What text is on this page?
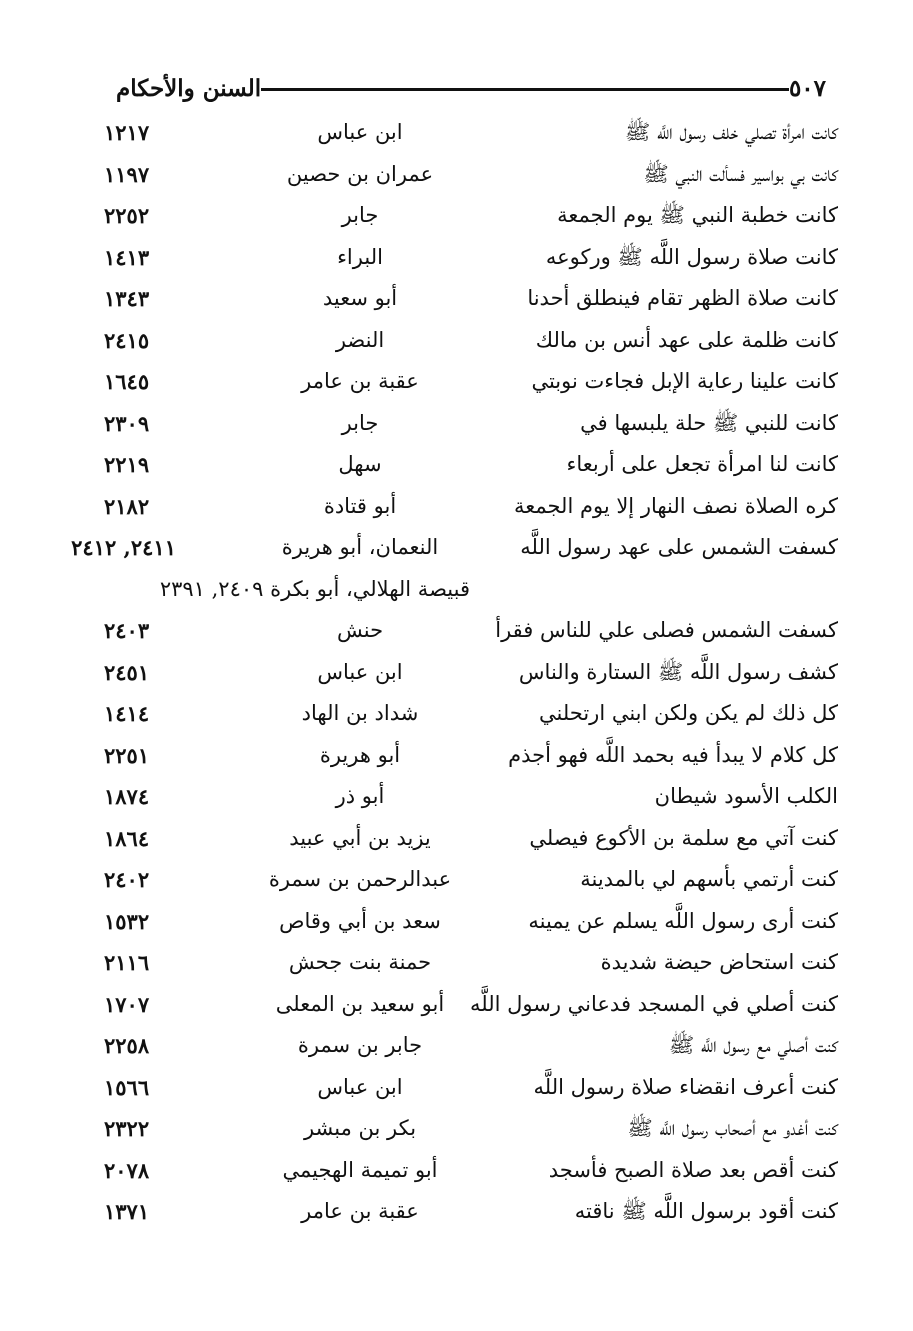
السنن والأحكام	٥٠٧
كانت امرأة تصلي خلف رسول اللَّه ﷺ
ابن عباس
١٢١٧
كانت بي بواسير فسألت النبي ﷺ
عمران بن حصين
١١٩٧
كانت خطبة النبي ﷺ يوم الجمعة
جابر
٢٢٥٢
كانت صلاة رسول اللَّه ﷺ وركوعه
البراء
١٤١٣
كانت صلاة الظهر تقام فينطلق أحدنا
أبو سعيد
١٣٤٣
كانت ظلمة على عهد أنس بن مالك
النضر
٢٤١٥
كانت علينا رعاية الإبل فجاءت نوبتي
عقبة بن عامر
١٦٤٥
كانت للنبي ﷺ حلة يلبسها في
جابر
٢٣٠٩
كانت لنا امرأة تجعل على أربعاء
سهل
٢٢١٩
كره الصلاة نصف النهار إلا يوم الجمعة
أبو قتادة
٢١٨٢
كسفت الشمس على عهد رسول اللَّه
النعمان، أبو هريرة
٢٤١١, ٢٤١٢
قبيصة الهلالي، أبو بكرة ٢٤٠٩, ٢٣٩١
كسفت الشمس فصلى علي للناس فقرأ
حنش
٢٤٠٣
كشف رسول اللَّه ﷺ الستارة والناس
ابن عباس
٢٤٥١
كل ذلك لم يكن ولكن ابني ارتحلني
شداد بن الهاد
١٤١٤
كل كلام لا يبدأ فيه بحمد اللَّه فهو أجذم
أبو هريرة
٢٢٥١
الكلب الأسود شيطان
أبو ذر
١٨٧٤
كنت آتي مع سلمة بن الأكوع فيصلي
يزيد بن أبي عبيد
١٨٦٤
كنت أرتمي بأسهم لي بالمدينة
عبدالرحمن بن سمرة
٢٤٠٢
كنت أرى رسول اللَّه يسلم عن يمينه
سعد بن أبي وقاص
١٥٣٢
كنت استحاض حيضة شديدة
حمنة بنت جحش
٢١١٦
كنت أصلي في المسجد فدعاني رسول اللَّه
أبو سعيد بن المعلى
١٧٠٧
كنت أصلي مع رسول اللَّه ﷺ
جابر بن سمرة
٢٢٥٨
كنت أعرف انقضاء صلاة رسول اللَّه
ابن عباس
١٥٦٦
كنت أغدو مع أصحاب رسول اللَّه ﷺ
بكر بن مبشر
٢٣٢٢
كنت أقص بعد صلاة الصبح فأسجد
أبو تميمة الهجيمي
٢٠٧٨
كنت أقود برسول اللَّه ﷺ ناقته
عقبة بن عامر
١٣٧١
